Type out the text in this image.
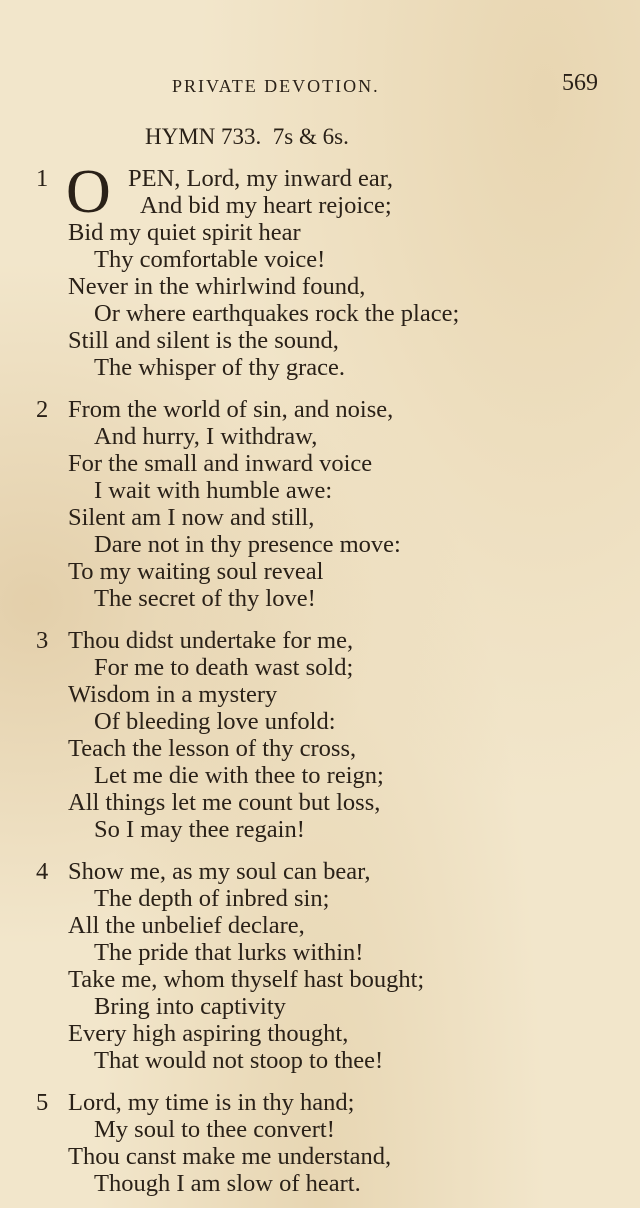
PRIVATE DEVOTION.	569
HYMN 733. 7s & 6s.
1 O PEN, Lord, my inward ear,
And bid my heart rejoice;
Bid my quiet spirit hear
Thy comfortable voice!
Never in the whirlwind found,
Or where earthquakes rock the place;
Still and silent is the sound,
The whisper of thy grace.
2 From the world of sin, and noise,
And hurry, I withdraw,
For the small and inward voice
I wait with humble awe:
Silent am I now and still,
Dare not in thy presence move:
To my waiting soul reveal
The secret of thy love!
3 Thou didst undertake for me,
For me to death wast sold;
Wisdom in a mystery
Of bleeding love unfold:
Teach the lesson of thy cross,
Let me die with thee to reign;
All things let me count but loss,
So I may thee regain!
4 Show me, as my soul can bear,
The depth of inbred sin;
All the unbelief declare,
The pride that lurks within!
Take me, whom thyself hast bought;
Bring into captivity
Every high aspiring thought,
That would not stoop to thee!
5 Lord, my time is in thy hand;
My soul to thee convert!
Thou canst make me understand,
Though I am slow of heart.
